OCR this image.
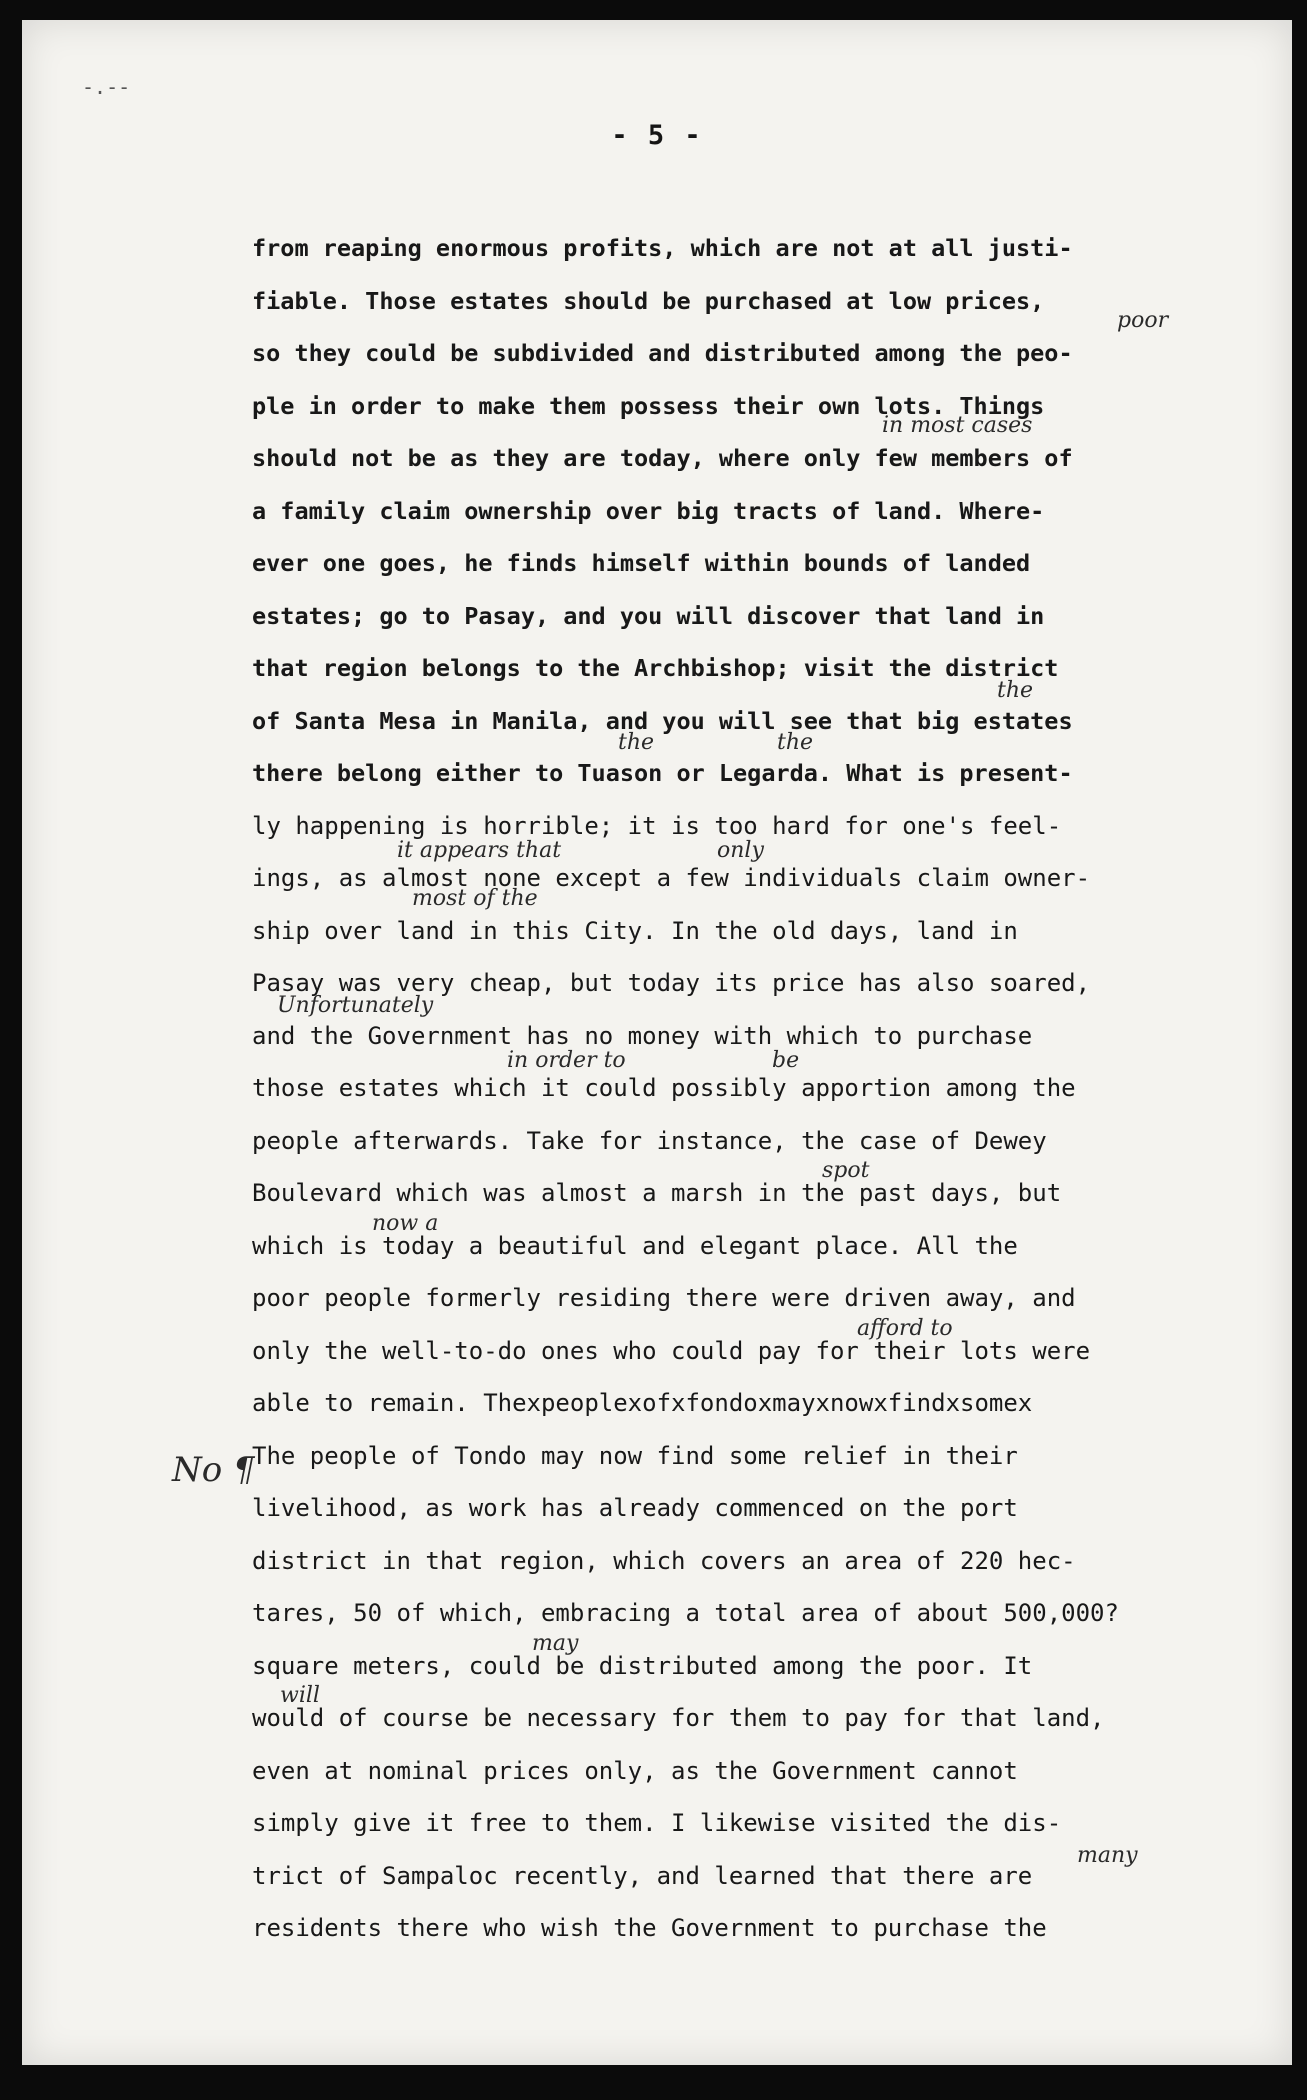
-.--
- 5 -
No ¶
from reaping enormous profits, which are not at all justi-
fiable. Those estates should be purchased at low prices,
so they could be subdivided and distributed among the peo-
ple in order to make them possess their own lots. Things
should not be as they are today, where only few members of
a family claim ownership over big tracts of land. Where-
ever one goes, he finds himself within bounds of landed
estates; go to Pasay, and you will discover that land in
that region belongs to the Archbishop; visit the district
of Santa Mesa in Manila, and you will see that big estates
there belong either to Tuason or Legarda. What is present-
ly happening is horrible; it is too hard for one's feel-
ings, as almost none except a few individuals claim owner-
ship over land in this City. In the old days, land in
Pasay was very cheap, but today its price has also soared,
and the Government has no money with which to purchase
those estates which it could possibly apportion among the
people afterwards. Take for instance, the case of Dewey
Boulevard which was almost a marsh in the past days, but
which is today a beautiful and elegant place. All the
poor people formerly residing there were driven away, and
only the well-to-do ones who could pay for their lots were
able to remain. Thexpeoplexofxfondoxmayxnowxfindxsomex
The people of Tondo may now find some relief in their
livelihood, as work has already commenced on the port
district in that region, which covers an area of 220 hec-
tares, 50 of which, embracing a total area of about 500,000?
square meters, could be distributed among the poor. It
would of course be necessary for them to pay for that land,
even at nominal prices only, as the Government cannot
simply give it free to them. I likewise visited the dis-
trict of Sampaloc recently, and learned that there are
residents there who wish the Government to purchase the
poor
in most cases
the
the	the
it appears that	only
most of the
Unfortunately
in order to	be
spot
now a
afford to
may
will
many
